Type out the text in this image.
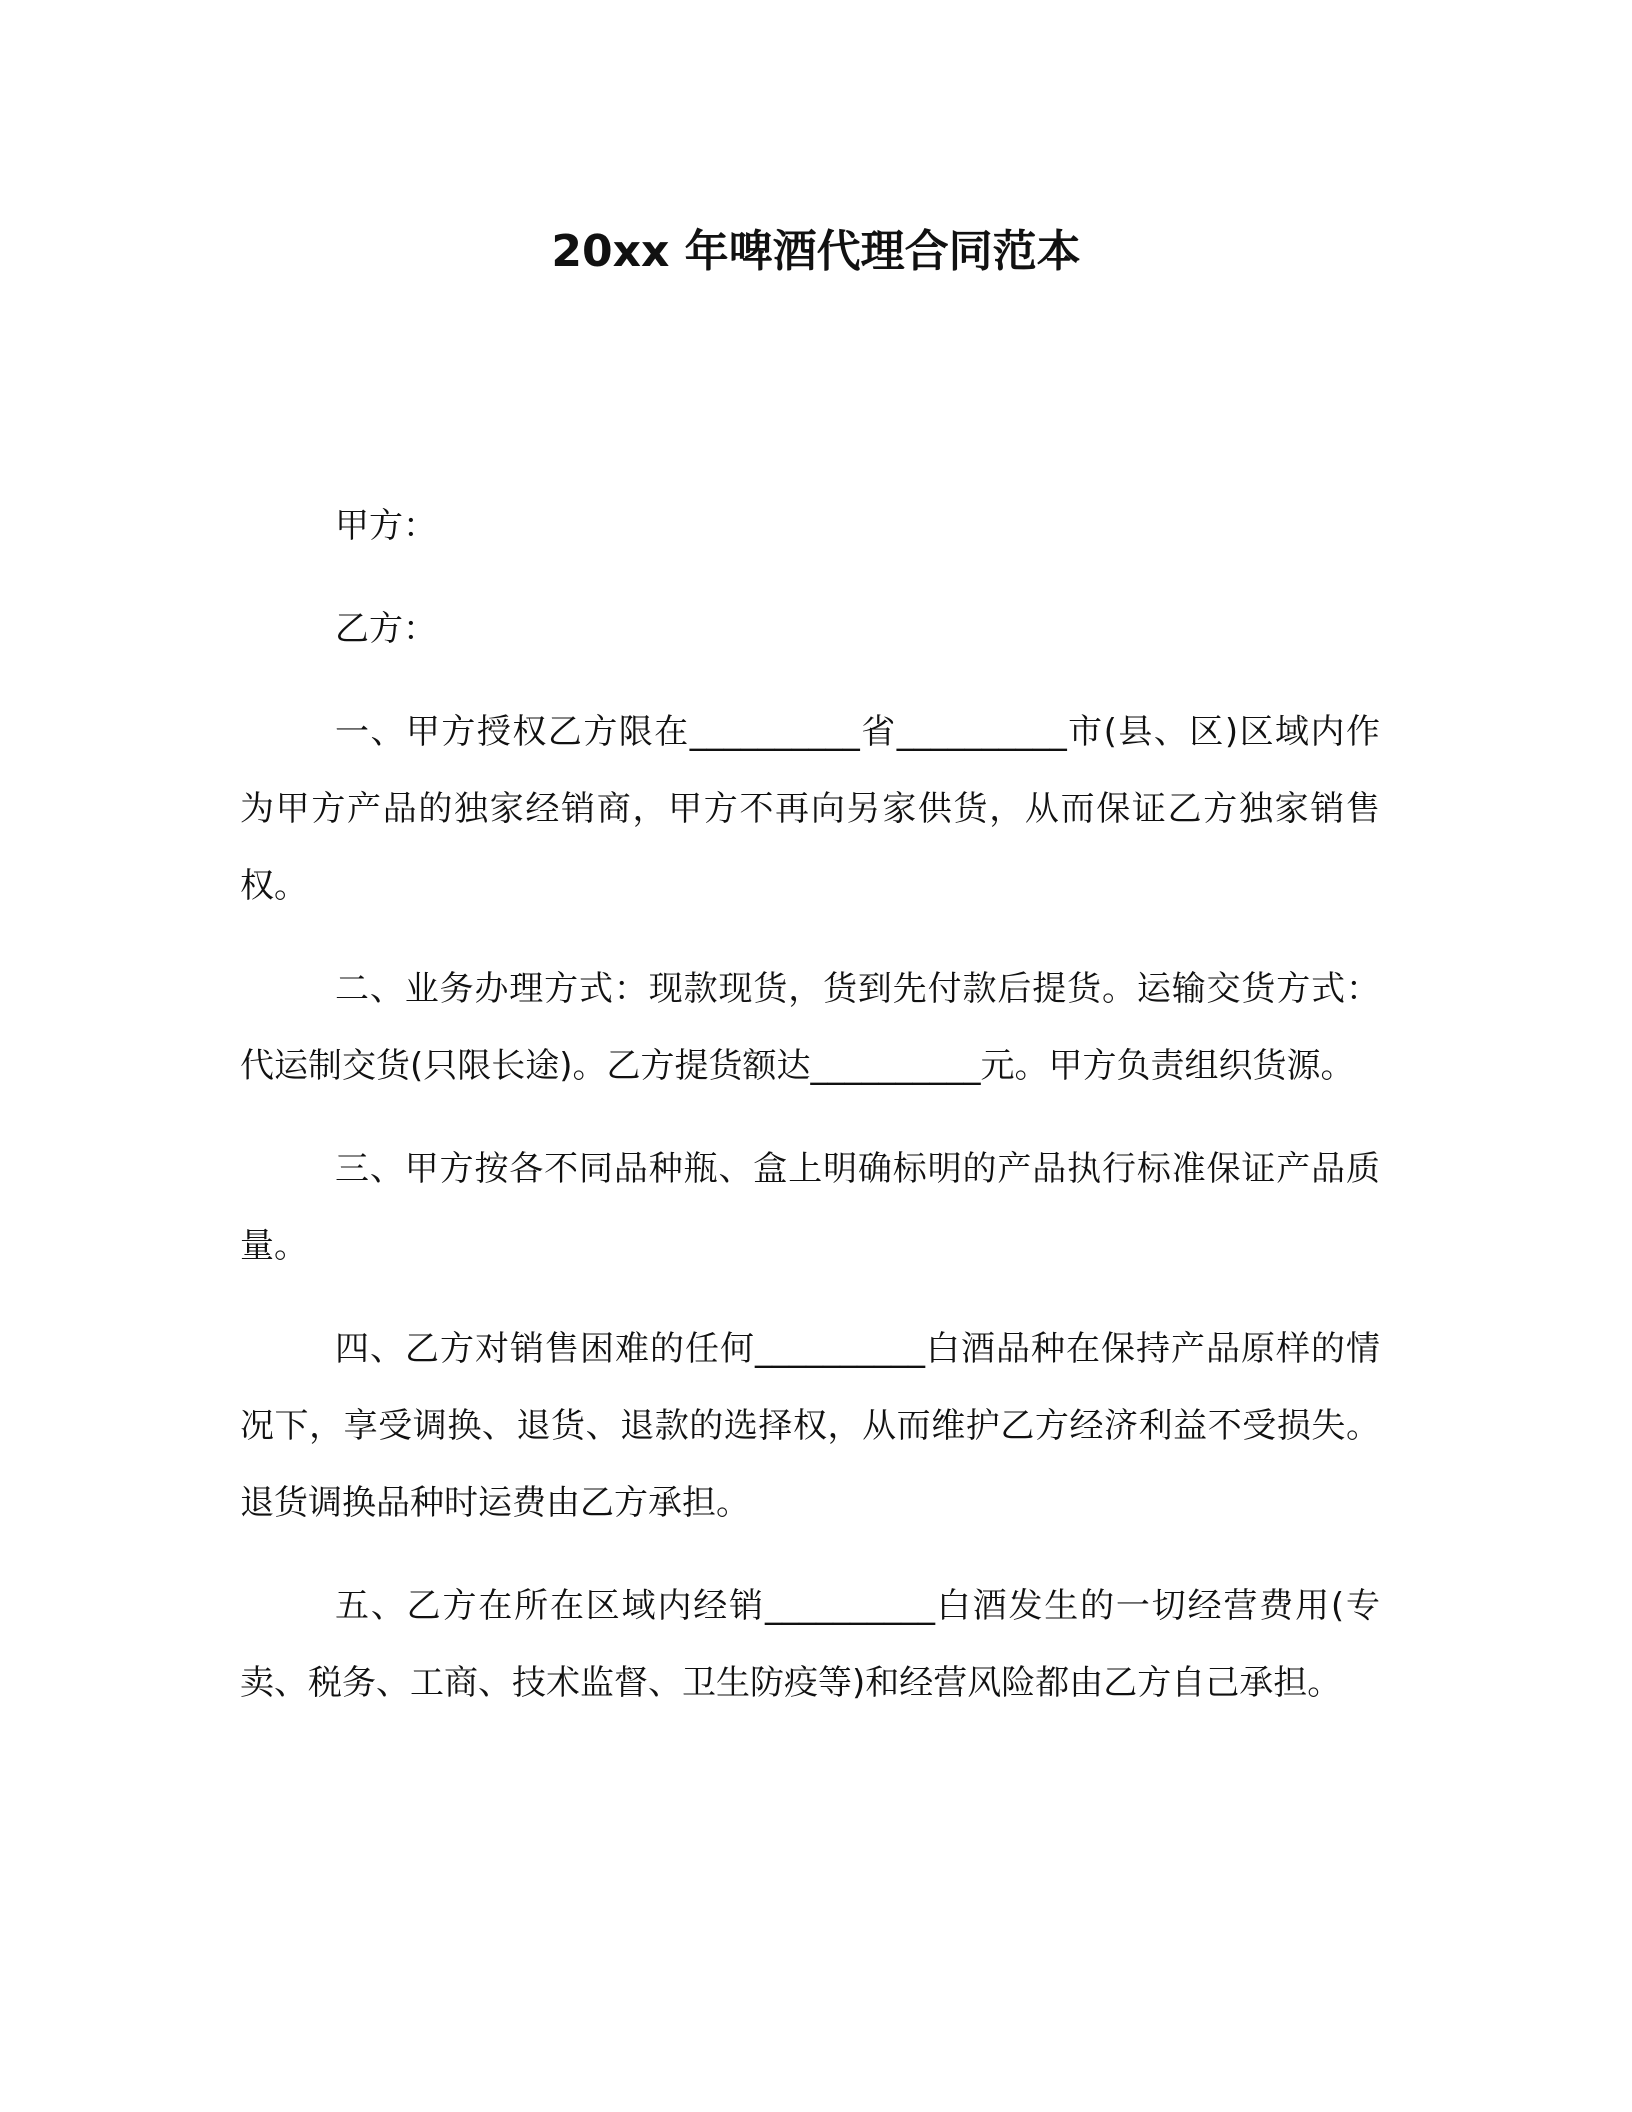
20xx 年啤酒代理合同范本

甲方：

乙方：

一、甲方授权乙方限在__________省__________市(县、区)区域内作为甲方产品的独家经销商，甲方不再向另家供货，从而保证乙方独家销售权。

二、业务办理方式：现款现货，货到先付款后提货。运输交货方式：代运制交货(只限长途)。乙方提货额达__________元。甲方负责组织货源。

三、甲方按各不同品种瓶、盒上明确标明的产品执行标准保证产品质量。

四、乙方对销售困难的任何__________白酒品种在保持产品原样的情况下，享受调换、退货、退款的选择权，从而维护乙方经济利益不受损失。退货调换品种时运费由乙方承担。

五、乙方在所在区域内经销__________白酒发生的一切经营费用(专卖、税务、工商、技术监督、卫生防疫等)和经营风险都由乙方自己承担。
